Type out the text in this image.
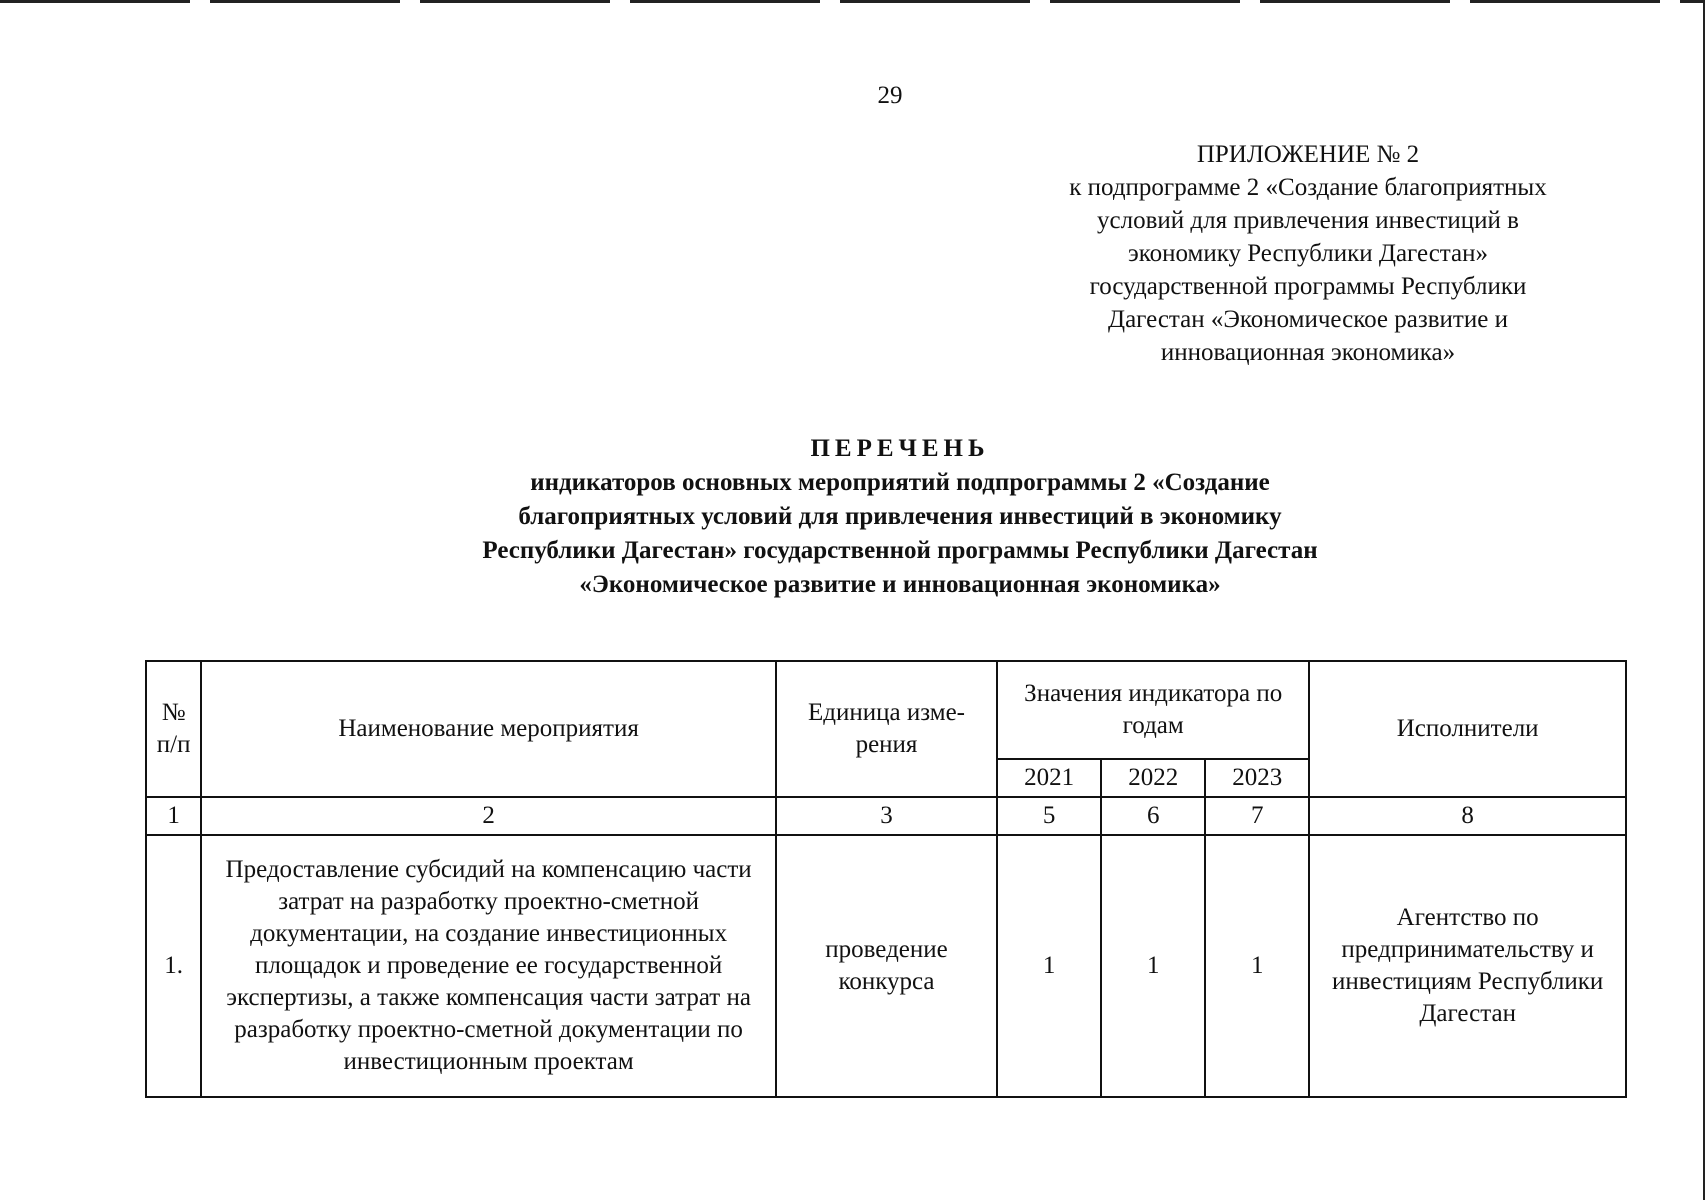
29
ПРИЛОЖЕНИЕ № 2
к подпрограмме 2 «Создание благоприятных
условий для привлечения инвестиций в
экономику Республики Дагестан»
государственной программы Республики
Дагестан «Экономическое развитие и
инновационная экономика»
ПЕРЕЧЕНЬ
индикаторов основных мероприятий подпрограммы 2 «Создание
благоприятных условий для привлечения инвестиций в экономику
Республики Дагестан» государственной программы Республики Дагестан
«Экономическое развитие и инновационная экономика»
№ п/п	Наименование мероприятия	Единица изме-рения	Значения индикатора по годам			Исполнители
			2021	2022	2023	
1	2	3	5	6	7	8
1.	Предоставление субсидий на компенсацию части затрат на разработку проектно-сметной документации, на создание инвестиционных площадок и проведение ее государственной экспертизы, а также компенсация части затрат на разработку проектно-сметной документации по инвестиционным проектам	проведение конкурса	1	1	1	Агентство по предпринимательству и инвестициям Республики Дагестан
